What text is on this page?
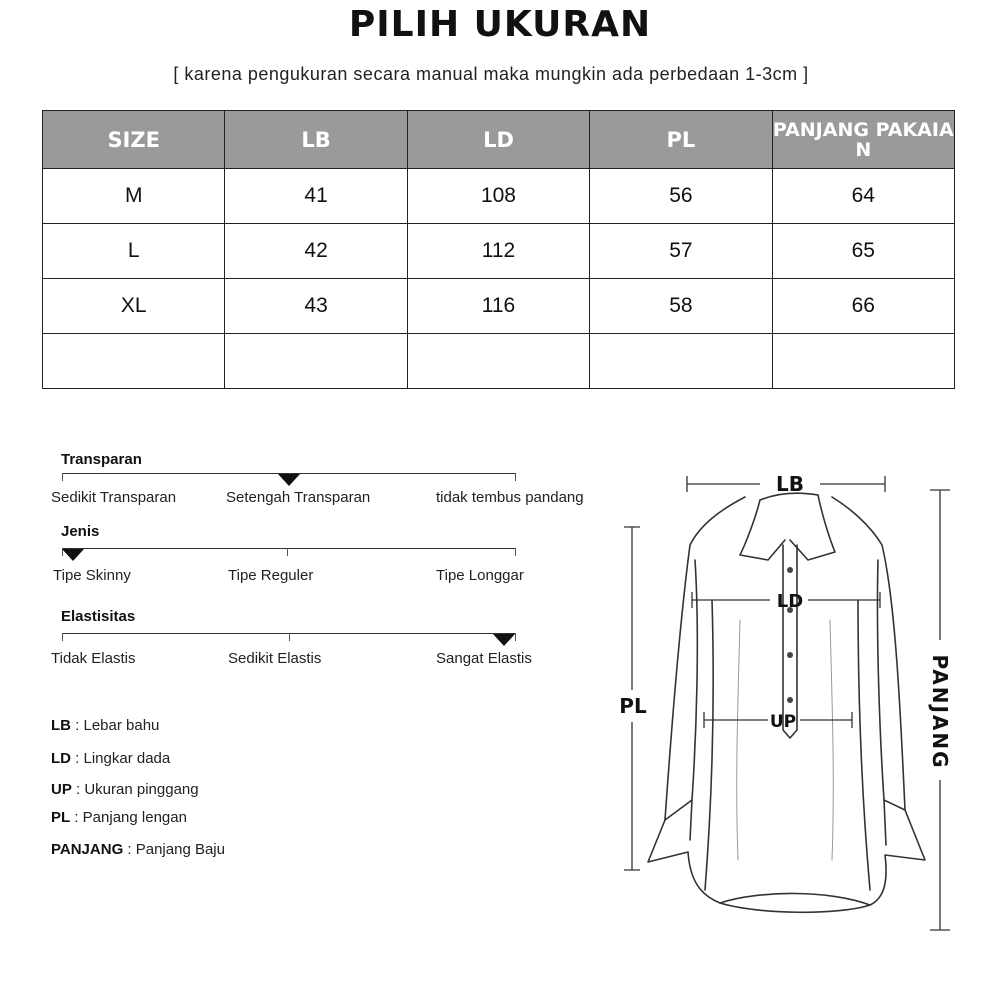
PILIH UKURAN
[ karena pengukuran secara manual maka mungkin ada perbedaan 1-3cm ]
SIZE	LB	LD	PL	PANJANG PAKAIAN
M	41	108	56	64
L	42	112	57	65
XL	43	116	58	66

Transparan
Sedikit Transparan	Setengah Transparan	tidak tembus pandang
Jenis
Tipe Skinny	Tipe Reguler	Tipe Longgar
Elastisitas
Tidak Elastis	Sedikit Elastis	Sangat Elastis
LB : Lebar bahu
LD : Lingkar dada
UP : Ukuran pinggang
PL : Panjang lengan
PANJANG : Panjang Baju
LB
LD
UP
PL	PANJANG
